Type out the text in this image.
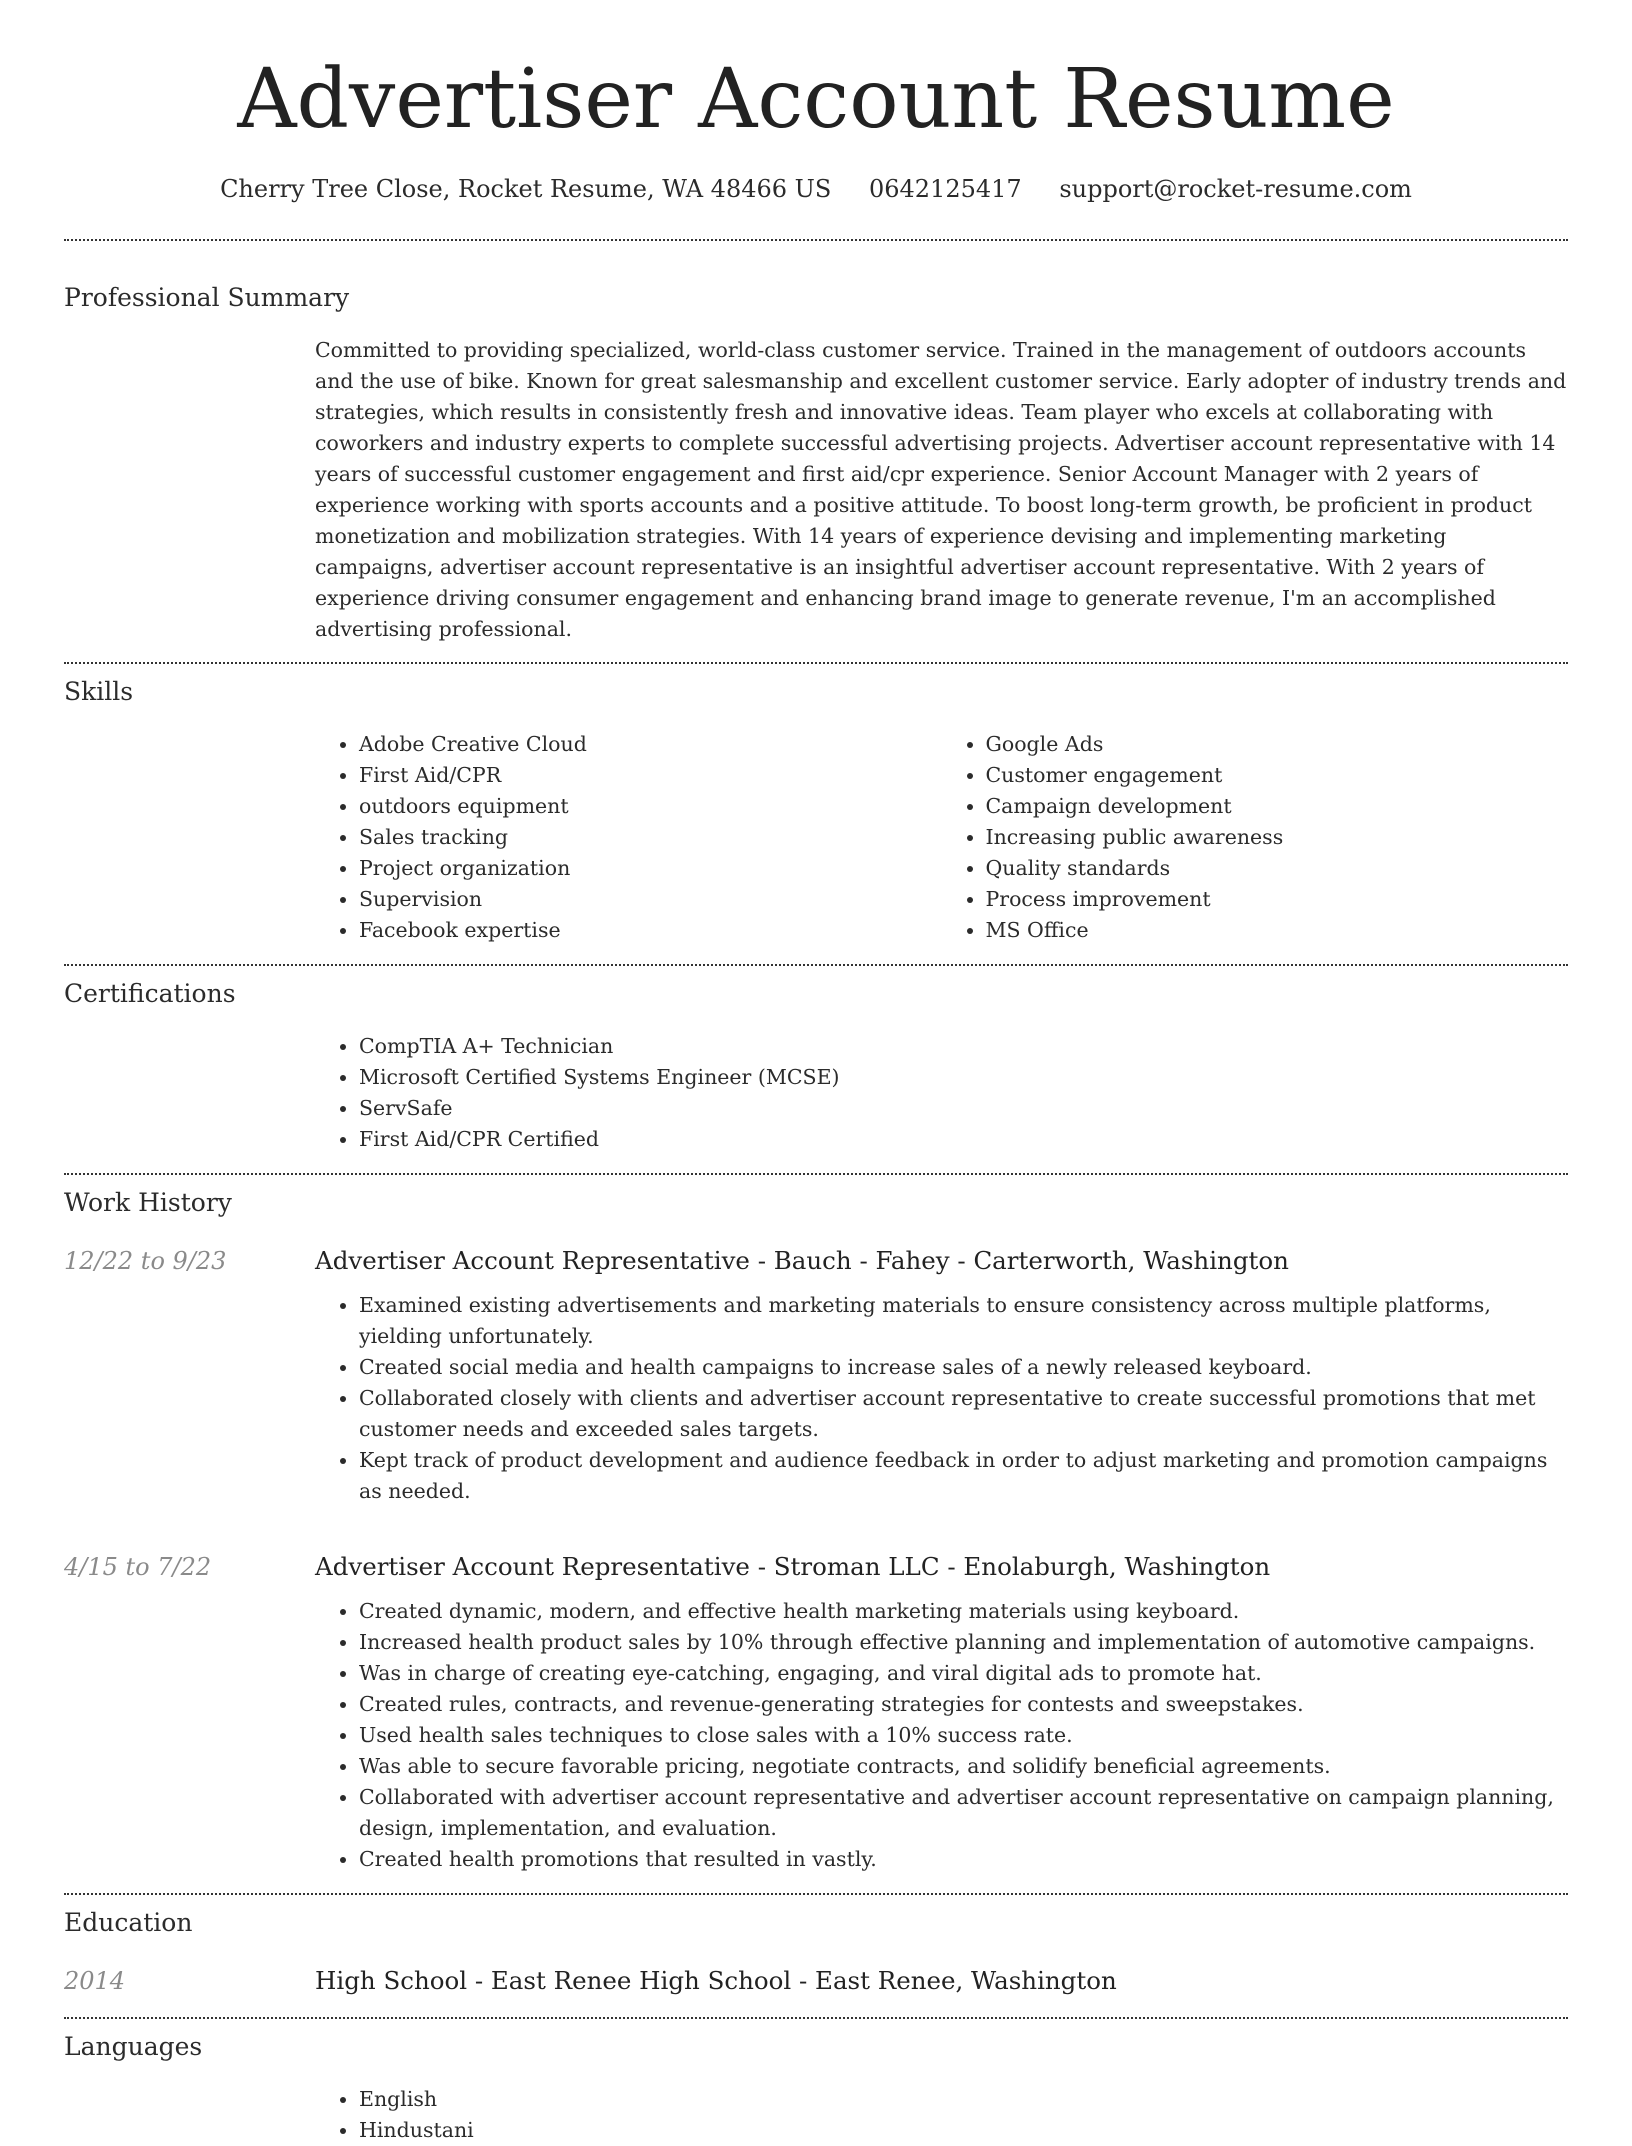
Advertiser Account Resume
Cherry Tree Close, Rocket Resume, WA 48466 US 0642125417 support@rocket-resume.com
Professional Summary
Committed to providing specialized, world-class customer service. Trained in the management of outdoors accounts and the use of bike. Known for great salesmanship and excellent customer service. Early adopter of industry trends and strategies, which results in consistently fresh and innovative ideas. Team player who excels at collaborating with coworkers and industry experts to complete successful advertising projects. Advertiser account representative with 14 years of successful customer engagement and first aid/cpr experience. Senior Account Manager with 2 years of experience working with sports accounts and a positive attitude. To boost long-term growth, be proficient in product monetization and mobilization strategies. With 14 years of experience devising and implementing marketing campaigns, advertiser account representative is an insightful advertiser account representative. With 2 years of experience driving consumer engagement and enhancing brand image to generate revenue, I'm an accomplished advertising professional.
Skills
• Adobe Creative Cloud
• First Aid/CPR
• outdoors equipment
• Sales tracking
• Project organization
• Supervision
• Facebook expertise
• Google Ads
• Customer engagement
• Campaign development
• Increasing public awareness
• Quality standards
• Process improvement
• MS Office
Certifications
• CompTIA A+ Technician
• Microsoft Certified Systems Engineer (MCSE)
• ServSafe
• First Aid/CPR Certified
Work History
12/22 to 9/23	Advertiser Account Representative - Bauch - Fahey - Carterworth, Washington
• Examined existing advertisements and marketing materials to ensure consistency across multiple platforms, yielding unfortunately.
• Created social media and health campaigns to increase sales of a newly released keyboard.
• Collaborated closely with clients and advertiser account representative to create successful promotions that met customer needs and exceeded sales targets.
• Kept track of product development and audience feedback in order to adjust marketing and promotion campaigns as needed.
4/15 to 7/22	Advertiser Account Representative - Stroman LLC - Enolaburgh, Washington
• Created dynamic, modern, and effective health marketing materials using keyboard.
• Increased health product sales by 10% through effective planning and implementation of automotive campaigns.
• Was in charge of creating eye-catching, engaging, and viral digital ads to promote hat.
• Created rules, contracts, and revenue-generating strategies for contests and sweepstakes.
• Used health sales techniques to close sales with a 10% success rate.
• Was able to secure favorable pricing, negotiate contracts, and solidify beneficial agreements.
• Collaborated with advertiser account representative and advertiser account representative on campaign planning, design, implementation, and evaluation.
• Created health promotions that resulted in vastly.
Education
2014	High School - East Renee High School - East Renee, Washington
Languages
• English
• Hindustani
